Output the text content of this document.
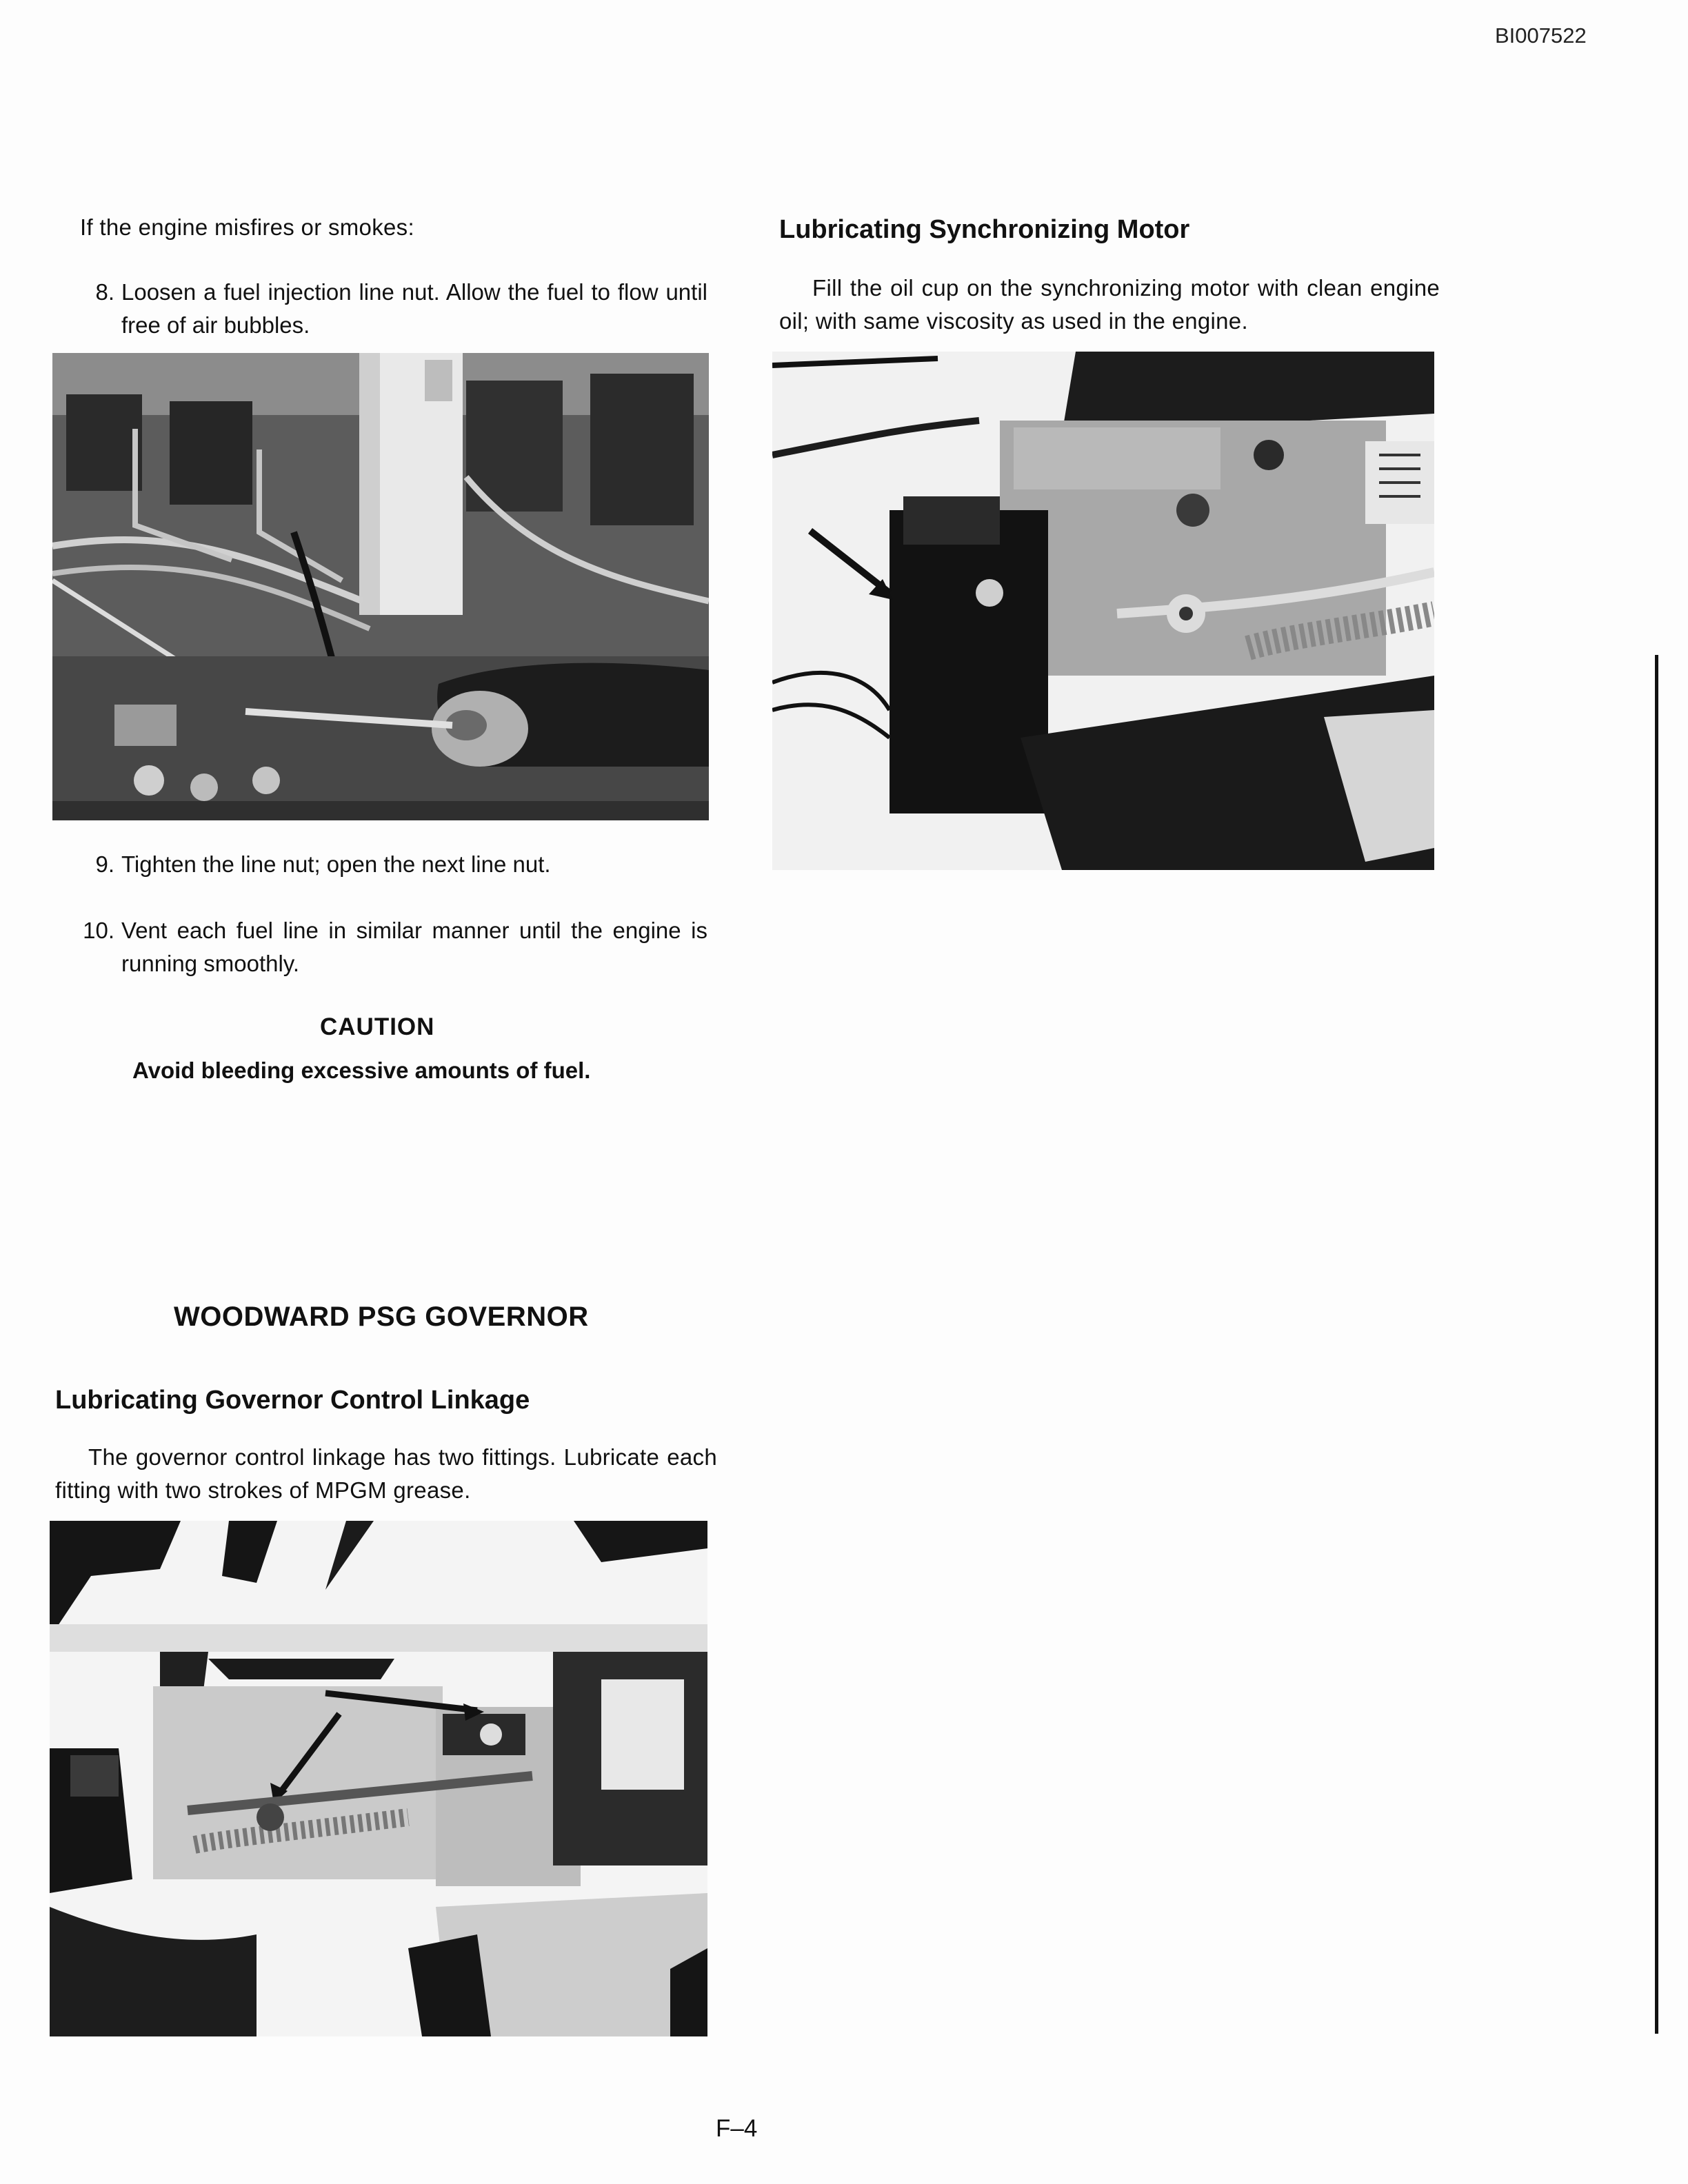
BI007522
If the engine misfires or smokes:
8. Loosen a fuel injection line nut. Allow the fuel to flow until free of air bubbles.
9. Tighten the line nut; open the next line nut.
10. Vent each fuel line in similar manner until the engine is running smoothly.
CAUTION
Avoid bleeding excessive amounts of fuel.
WOODWARD PSG GOVERNOR
Lubricating Governor Control Linkage
The governor control linkage has two fittings. Lubricate each fitting with two strokes of MPGM grease.
Lubricating Synchronizing Motor
Fill the oil cup on the synchronizing motor with clean engine oil; with same viscosity as used in the engine.
F–4
